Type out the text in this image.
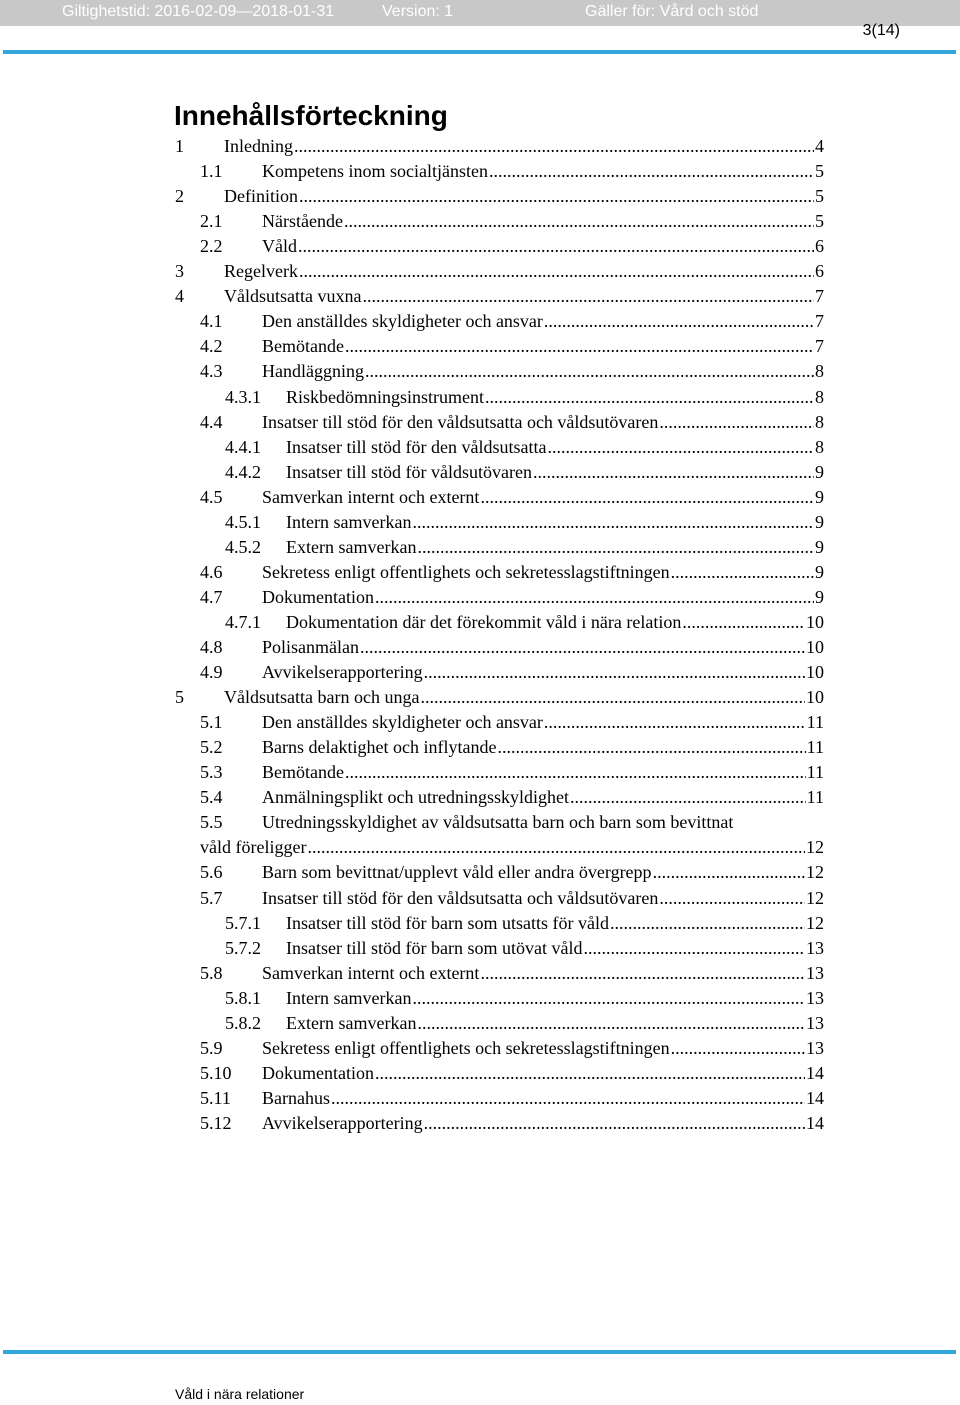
Giltighetstid: 2016-02-09—2018-01-31	Version: 1	Gäller för: Vård och stöd
3(14)
Innehållsförteckning
1 Inledning .....	4
1.1 Kompetens inom socialtjänsten .....	5
2 Definition .....	5
2.1 Närstående .....	5
2.2 Våld .....	6
3 Regelverk .....	6
4 Våldsutsatta vuxna .....	7
4.1 Den anställdes skyldigheter och ansvar .....	7
4.2 Bemötande .....	7
4.3 Handläggning .....	8
4.3.1 Riskbedömningsinstrument .....	8
4.4 Insatser till stöd för den våldsutsatta och våldsutövaren .....	8
4.4.1 Insatser till stöd för den våldsutsatta .....	8
4.4.2 Insatser till stöd för våldsutövaren .....	9
4.5 Samverkan internt och externt .....	9
4.5.1 Intern samverkan .....	9
4.5.2 Extern samverkan .....	9
4.6 Sekretess enligt offentlighets och sekretesslagstiftningen .....	9
4.7 Dokumentation .....	9
4.7.1 Dokumentation där det förekommit våld i nära relation .....	10
4.8 Polisanmälan .....	10
4.9 Avvikelserapportering .....	10
5 Våldsutsatta barn och unga .....	10
5.1 Den anställdes skyldigheter och ansvar .....	11
5.2 Barns delaktighet och inflytande .....	11
5.3 Bemötande .....	11
5.4 Anmälningsplikt och utredningsskyldighet .....	11
5.5 Utredningsskyldighet av våldsutsatta barn och barn som bevittnat
våld föreligger .....	12
5.6 Barn som bevittnat/upplevt våld eller andra övergrepp .....	12
5.7 Insatser till stöd för den våldsutsatta och våldsutövaren .....	12
5.7.1 Insatser till stöd för barn som utsatts för våld .....	12
5.7.2 Insatser till stöd för barn som utövat våld .....	13
5.8 Samverkan internt och externt .....	13
5.8.1 Intern samverkan .....	13
5.8.2 Extern samverkan .....	13
5.9 Sekretess enligt offentlighets och sekretesslagstiftningen .....	13
5.10 Dokumentation .....	14
5.11 Barnahus .....	14
5.12 Avvikelserapportering .....	14
Våld i nära relationer
